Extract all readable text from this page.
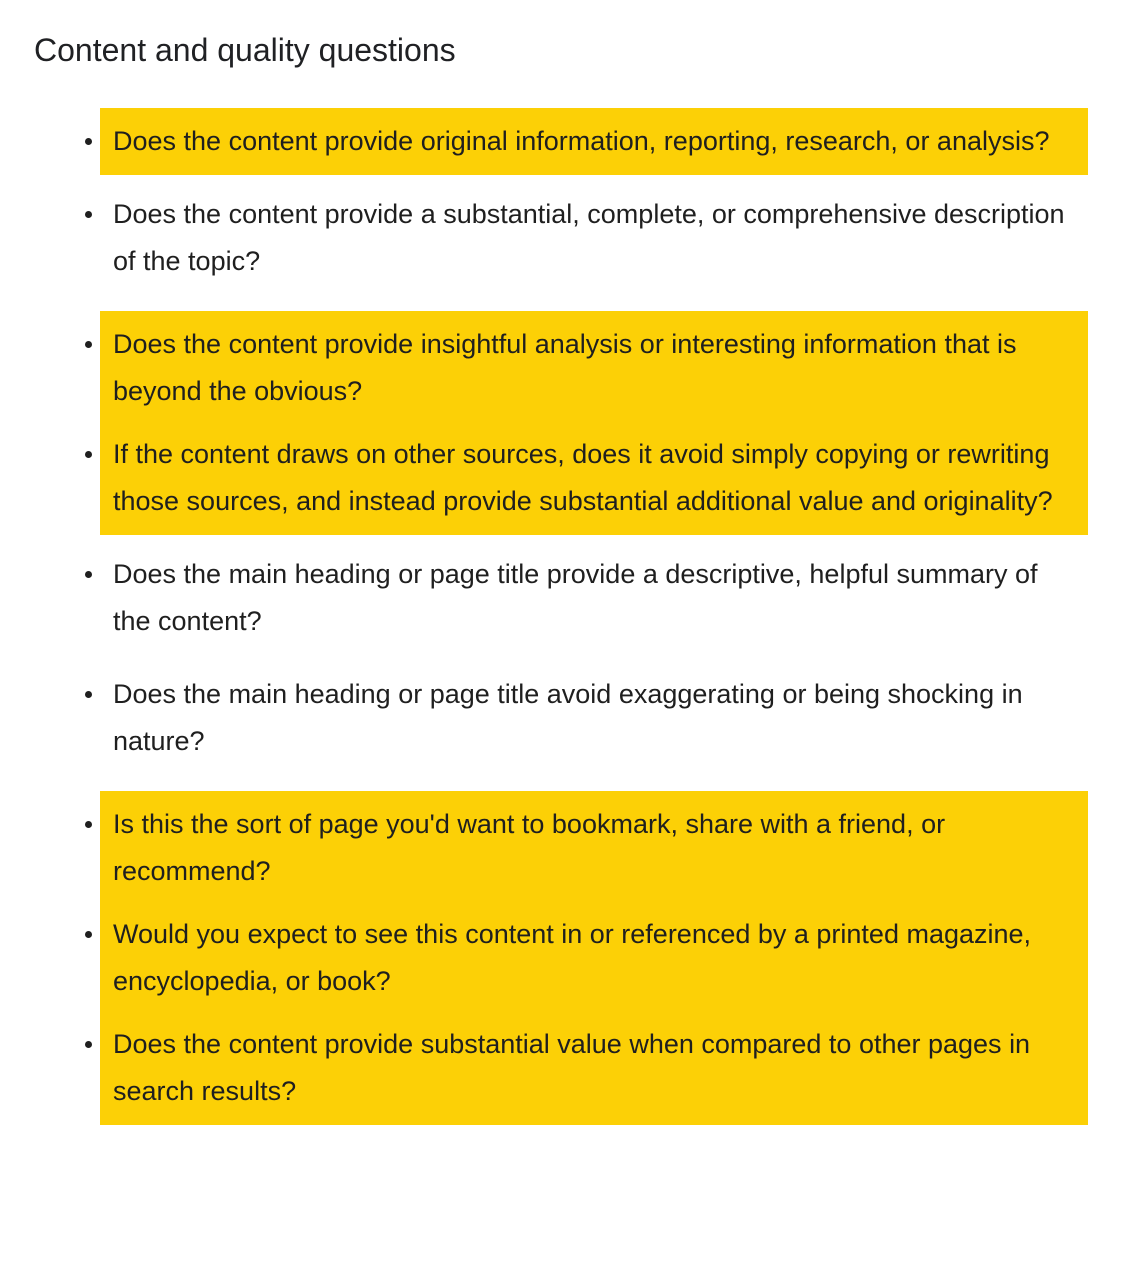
Content and quality questions
Does the content provide original information, reporting, research, or analysis?
Does the content provide a substantial, complete, or comprehensive description of the topic?
Does the content provide insightful analysis or interesting information that is beyond the obvious?
If the content draws on other sources, does it avoid simply copying or rewriting those sources, and instead provide substantial additional value and originality?
Does the main heading or page title provide a descriptive, helpful summary of the content?
Does the main heading or page title avoid exaggerating or being shocking in nature?
Is this the sort of page you'd want to bookmark, share with a friend, or recommend?
Would you expect to see this content in or referenced by a printed magazine, encyclopedia, or book?
Does the content provide substantial value when compared to other pages in search results?
